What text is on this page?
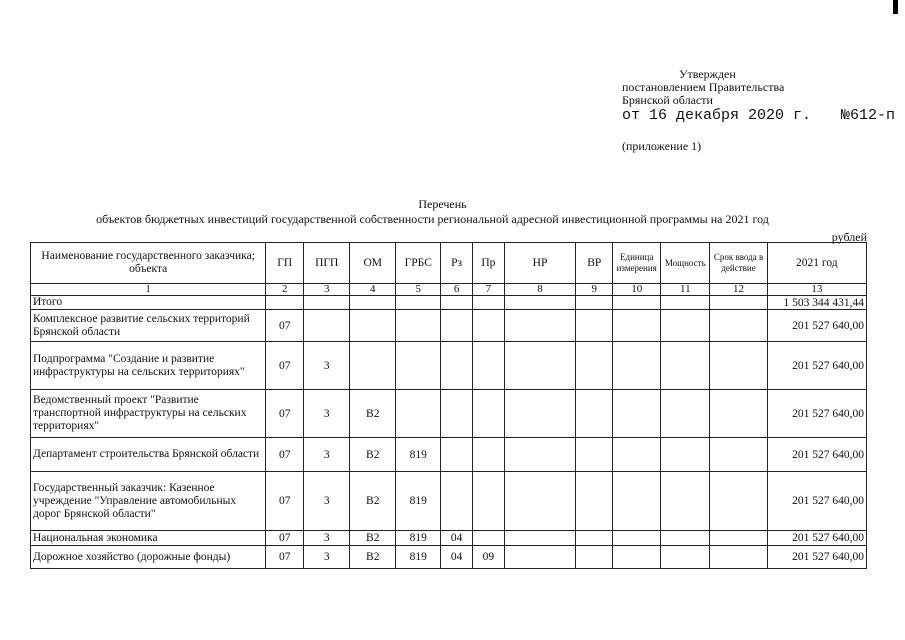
Утвержден
постановлением Правительства
Брянской области
от 16 декабря 2020 г. №612-п
(приложение 1)
Перечень
объектов бюджетных инвестиций государственной собственности региональной адресной инвестиционной программы на 2021 год
рублей
Наименование государственного заказчика; объекта	ГП	ПГП	ОМ	ГРБС	Рз	Пр	НР	ВР	Единица измерения	Мощность	Срок ввода в действие	2021 год
1	2	3	4	5	6	7	8	9	10	11	12	13
Итого												1 503 344 431,44
Комплексное развитие сельских территорий Брянской области	07											201 527 640,00
Подпрограмма "Создание и развитие инфраструктуры на сельских территориях"	07	3										201 527 640,00
Ведомственный проект "Развитие транспортной инфраструктуры на сельских территориях"	07	3	В2									201 527 640,00
Департамент строительства Брянской области	07	3	В2	819								201 527 640,00
Государственный заказчик: Казенное учреждение "Управление автомобильных дорог Брянской области"	07	3	В2	819								201 527 640,00
Национальная экономика	07	3	В2	819	04							201 527 640,00
Дорожное хозяйство (дорожные фонды)	07	3	В2	819	04	09						201 527 640,00
